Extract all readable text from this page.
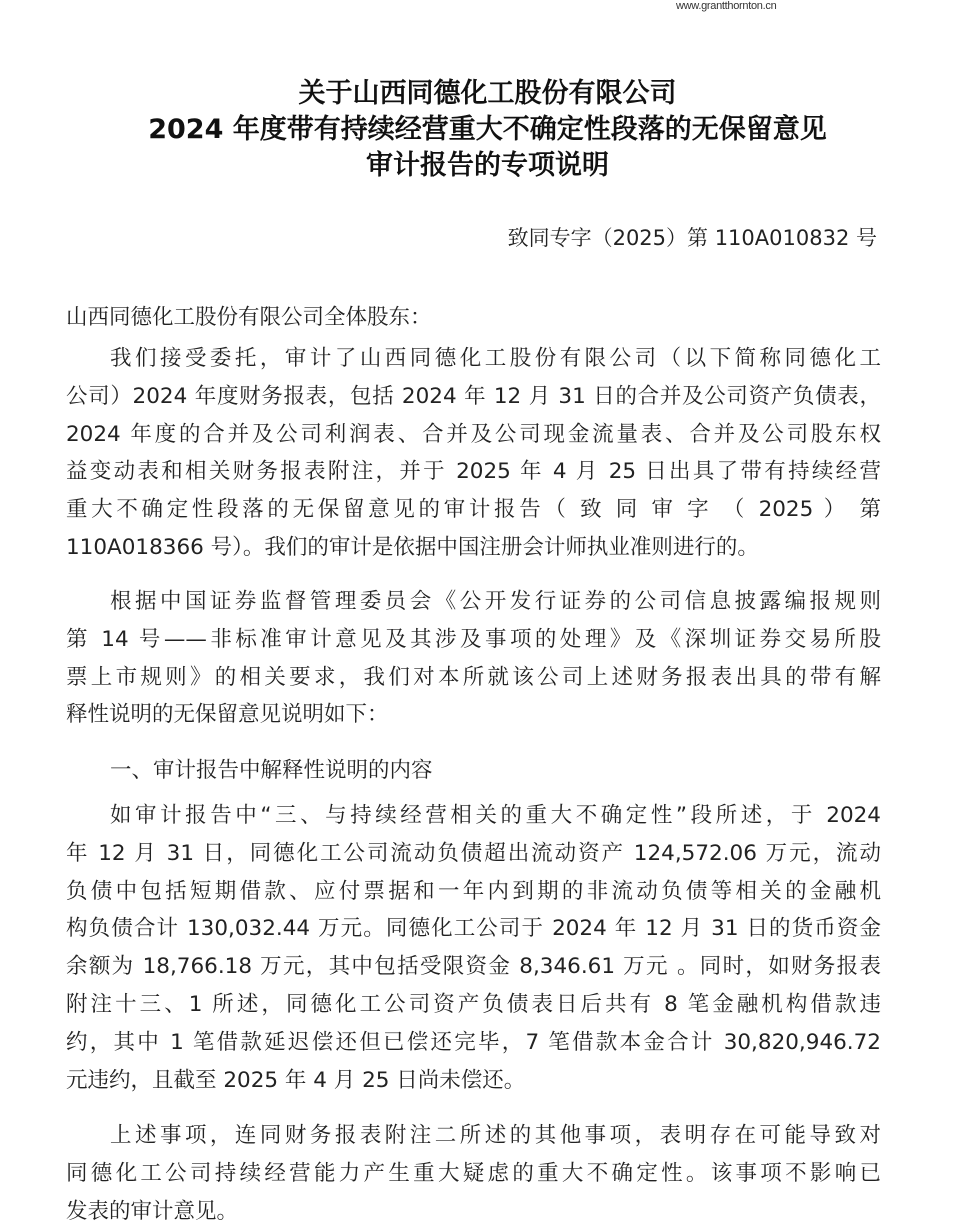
www.grantthornton.cn
关于山西同德化工股份有限公司
2024 年度带有持续经营重大不确定性段落的无保留意见
审计报告的专项说明
致同专字（2025）第 110A010832 号
山西同德化工股份有限公司全体股东：
我们接受委托，审计了山西同德化工股份有限公司（以下简称同德化工
公司）2024 年度财务报表，包括 2024 年 12 月 31 日的合并及公司资产负债表，
2024 年度的合并及公司利润表、合并及公司现金流量表、合并及公司股东权
益变动表和相关财务报表附注，并于 2025 年 4 月 25 日出具了带有持续经营
重大不确定性段落的无保留意见的审计报告（ 致 同 审 字 （ 2025 ） 第
110A018366 号）。我们的审计是依据中国注册会计师执业准则进行的。
根据中国证券监督管理委员会《公开发行证券的公司信息披露编报规则
第 14 号——非标准审计意见及其涉及事项的处理》及《深圳证券交易所股
票上市规则》的相关要求，我们对本所就该公司上述财务报表出具的带有解
释性说明的无保留意见说明如下：
一、审计报告中解释性说明的内容
如审计报告中“三、与持续经营相关的重大不确定性”段所述，于 2024
年 12 月 31 日，同德化工公司流动负债超出流动资产 124,572.06 万元，流动
负债中包括短期借款、应付票据和一年内到期的非流动负债等相关的金融机
构负债合计 130,032.44 万元。同德化工公司于 2024 年 12 月 31 日的货币资金
余额为 18,766.18 万元，其中包括受限资金 8,346.61 万元 。同时，如财务报表
附注十三、1 所述，同德化工公司资产负债表日后共有 8 笔金融机构借款违
约，其中 1 笔借款延迟偿还但已偿还完毕，7 笔借款本金合计 30,820,946.72
元违约，且截至 2025 年 4 月 25 日尚未偿还。
上述事项，连同财务报表附注二所述的其他事项，表明存在可能导致对
同德化工公司持续经营能力产生重大疑虑的重大不确定性。该事项不影响已
发表的审计意见。
